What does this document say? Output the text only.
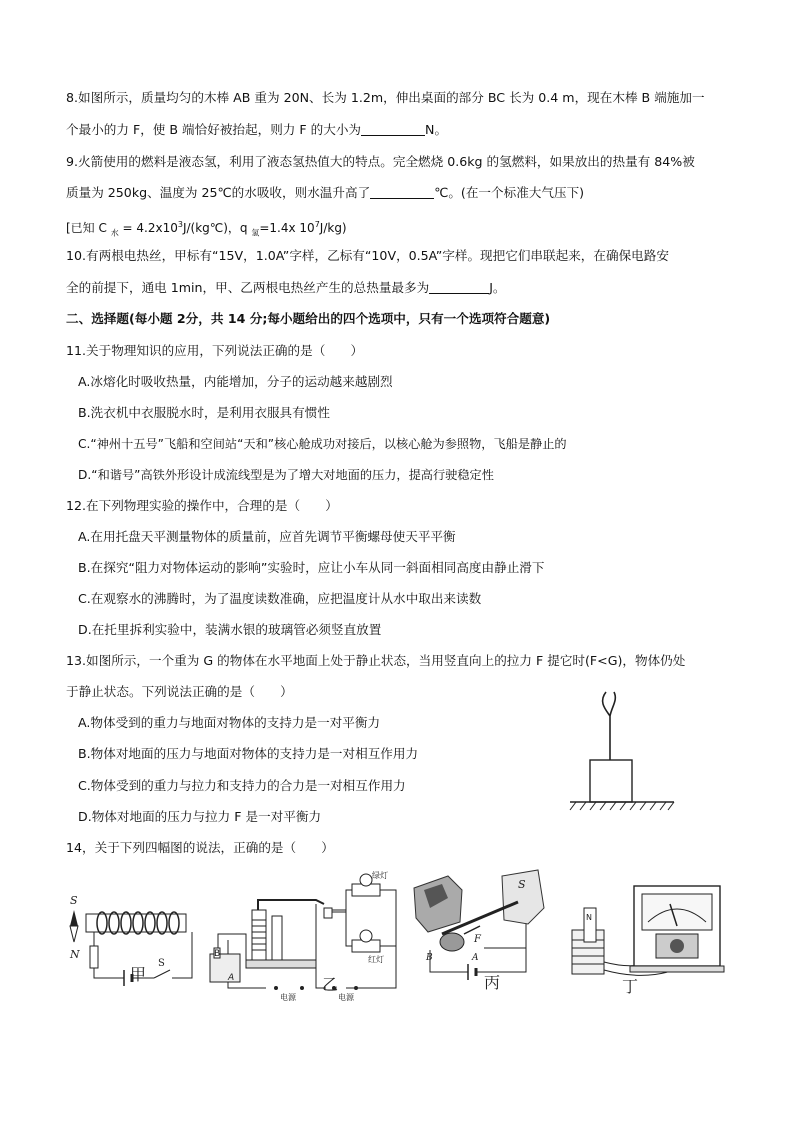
8.如图所示，质量均匀的木棒 AB 重为 20N、长为 1.2m，伸出桌面的部分 BC 长为 0.4 m，现在木棒 B 端施加一
个最小的力 F，使 B 端恰好被抬起，则力 F 的大小为	N。
9.火箭使用的燃料是液态氢，利用了液态氢热值大的特点。完全燃烧 0.6kg 的氢燃料，如果放出的热量有 84%被
质量为 250kg、温度为 25℃的水吸收，则水温升高了	℃。(在一个标准大气压下)
[已知 C $_水 = 4.2x10^3J/(kg℃)$，q $_氢$=1.4x $10^7J/kg$)
10.有两根电热丝，甲标有“15V，1.0A”字样，乙标有“10V，0.5A”字样。现把它们串联起来，在确保电路安
全的前提下，通电 1min，甲、乙两根电热丝产生的总热量最多为	J。
二、选择题(每小题 2分，共 14 分;每小题给出的四个选项中，只有一个选项符合题意)
11.关于物理知识的应用，下列说法正确的是（　　）
A.冰熔化时吸收热量，内能增加，分子的运动越来越剧烈
B.洗衣机中衣服脱水时，是利用衣服具有惯性
C.“神州十五号”飞船和空间站“天和”核心舱成功对接后，以核心舱为参照物，飞船是静止的
D.“和谐号”高铁外形设计成流线型是为了增大对地面的压力，提高行驶稳定性
12.在下列物理实验的操作中，合理的是（　　）
A.在用托盘天平测量物体的质量前，应首先调节平衡螺母使天平平衡
B.在探究“阻力对物体运动的影响”实验时，应让小车从同一斜面相同高度由静止滑下
C.在观察水的沸腾时，为了温度读数准确，应把温度计从水中取出来读数
D.在托里拆利实验中，装满水银的玻璃管必须竖直放置
13.如图所示，一个重为 G 的物体在水平地面上处于静止状态，当用竖直向上的拉力 F 提它时(F<G)，物体仍处
于静止状态。下列说法正确的是（　　）
A.物体受到的重力与地面对物体的支持力是一对平衡力
B.物体对地面的压力与地面对物体的支持力是一对相互作用力
C.物体受到的重力与拉力和支持力的合力是一对相互作用力
D.物体对地面的压力与拉力 F 是一对平衡力
14，关于下列四幅图的说法，正确的是（　　）
S
N
S
甲
B
A
绿灯
红灯
电源	电源
乙
S
F
B	A
丙
N
丁
